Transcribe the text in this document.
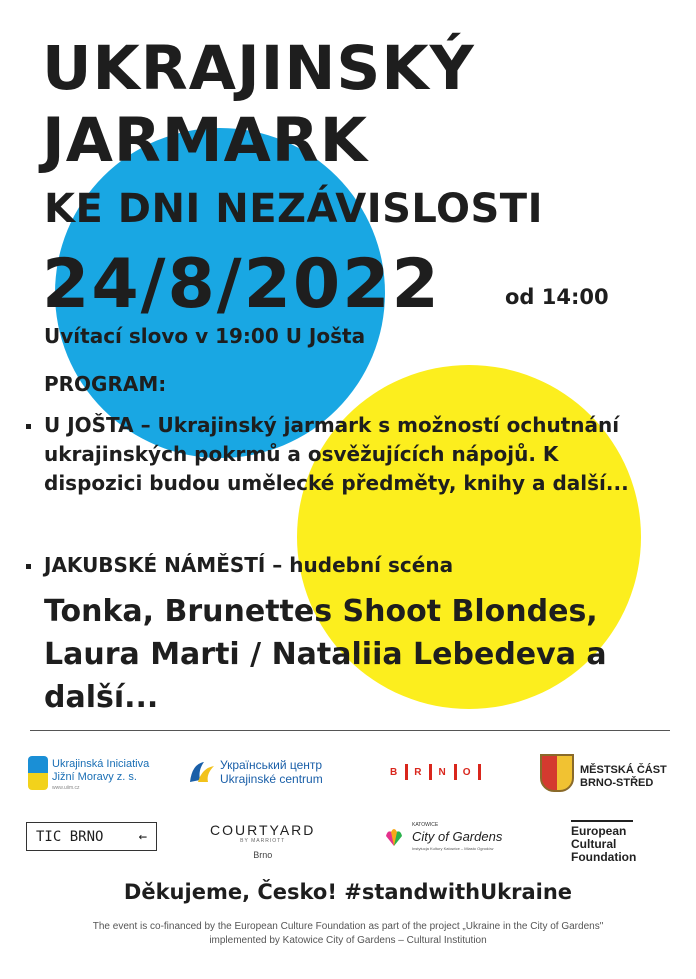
UKRAJINSKÝ
JARMARK
KE DNI NEZÁVISLOSTI
24/8/2022	od 14:00
Uvítací slovo v 19:00 U Jošta
PROGRAM:
U JOŠTA – Ukrajinský jarmark s možností ochutnání ukrajinských pokrmů a osvěžujících nápojů. K dispozici budou umělecké předměty, knihy a další...
JAKUBSKÉ NÁMĚSTÍ – hudební scéna
Tonka, Brunettes Shoot Blondes, Laura Marti / Nataliia Lebedeva a další...
Ukrajinská Iniciativa
Jižní Moravy z. s.
www.uiim.cz
Український центр
Ukrajinské centrum	B R N O	MĚSTSKÁ ČÁST
BRNO-STŘED
TIC BRNO	←	COURTYARD
BY MARRIOTT
Brno
KATOWICE
City of Gardens
Instytucja Kultury Katowice – Miasto Ogrodów
European
Cultural
Foundation
Děkujeme, Česko! #standwithUkraine
The event is co-financed by the European Culture Foundation as part of the project „Ukraine in the City of Gardens"
implemented by Katowice City of Gardens – Cultural Institution
